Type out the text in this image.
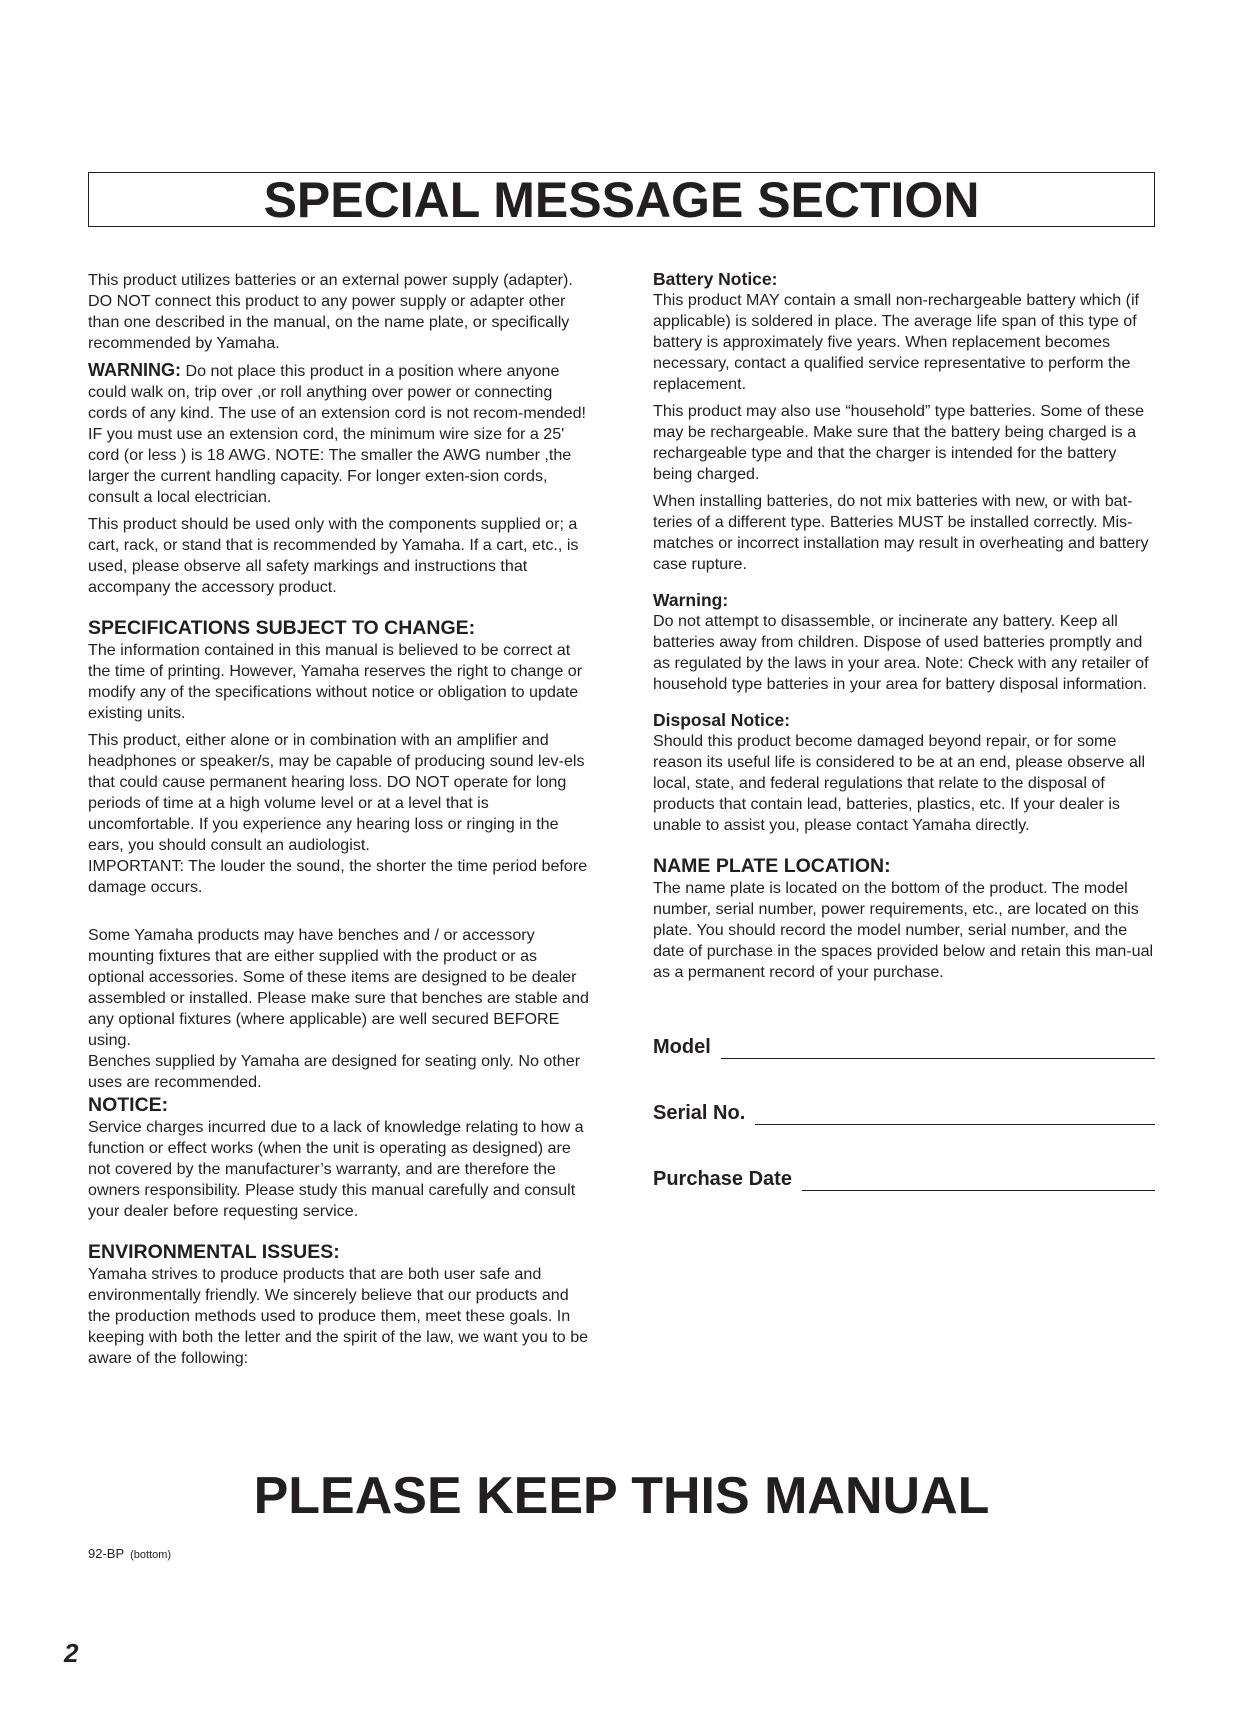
SPECIAL MESSAGE SECTION

This product utilizes batteries or an external power supply (adapter). DO NOT connect this product to any power supply or adapter other than one described in the manual, on the name plate, or specifically recommended by Yamaha.

WARNING: Do not place this product in a position where anyone could walk on, trip over ,or roll anything over power or connecting cords of any kind. The use of an extension cord is not recom-mended! IF you must use an extension cord, the minimum wire size for a 25' cord (or less ) is 18 AWG. NOTE: The smaller the AWG number ,the larger the current handling capacity. For longer exten-sion cords, consult a local electrician.

This product should be used only with the components supplied or; a cart, rack, or stand that is recommended by Yamaha. If a cart, etc., is used, please observe all safety markings and instructions that accompany the accessory product.

SPECIFICATIONS SUBJECT TO CHANGE:

The information contained in this manual is believed to be correct at the time of printing. However, Yamaha reserves the right to change or modify any of the specifications without notice or obligation to update existing units.

This product, either alone or in combination with an amplifier and headphones or speaker/s, may be capable of producing sound lev-els that could cause permanent hearing loss. DO NOT operate for long periods of time at a high volume level or at a level that is uncomfortable. If you experience any hearing loss or ringing in the ears, you should consult an audiologist.

IMPORTANT: The louder the sound, the shorter the time period before damage occurs.

Some Yamaha products may have benches and / or accessory mounting fixtures that are either supplied with the product or as optional accessories. Some of these items are designed to be dealer assembled or installed. Please make sure that benches are stable and any optional fixtures (where applicable) are well secured BEFORE using.

Benches supplied by Yamaha are designed for seating only. No other uses are recommended.

NOTICE:

Service charges incurred due to a lack of knowledge relating to how a function or effect works (when the unit is operating as designed) are not covered by the manufacturer’s warranty, and are therefore the owners responsibility. Please study this manual carefully and consult your dealer before requesting service.

ENVIRONMENTAL ISSUES:

Yamaha strives to produce products that are both user safe and environmentally friendly. We sincerely believe that our products and the production methods used to produce them, meet these goals. In keeping with both the letter and the spirit of the law, we want you to be aware of the following:

Battery Notice:

This product MAY contain a small non-rechargeable battery which (if applicable) is soldered in place. The average life span of this type of battery is approximately five years. When replacement becomes necessary, contact a qualified service representative to perform the replacement.

This product may also use “household” type batteries. Some of these may be rechargeable. Make sure that the battery being charged is a rechargeable type and that the charger is intended for the battery being charged.

When installing batteries, do not mix batteries with new, or with bat-teries of a different type. Batteries MUST be installed correctly. Mis-matches or incorrect installation may result in overheating and battery case rupture.

Warning:

Do not attempt to disassemble, or incinerate any battery. Keep all batteries away from children. Dispose of used batteries promptly and as regulated by the laws in your area. Note: Check with any retailer of household type batteries in your area for battery disposal information.

Disposal Notice:

Should this product become damaged beyond repair, or for some reason its useful life is considered to be at an end, please observe all local, state, and federal regulations that relate to the disposal of products that contain lead, batteries, plastics, etc. If your dealer is unable to assist you, please contact Yamaha directly.

NAME PLATE LOCATION:

The name plate is located on the bottom of the product. The model number, serial number, power requirements, etc., are located on this plate. You should record the model number, serial number, and the date of purchase in the spaces provided below and retain this man-ual as a permanent record of your purchase.

Model
Serial No.
Purchase Date
PLEASE KEEP THIS MANUAL
92-BP (bottom)
2
